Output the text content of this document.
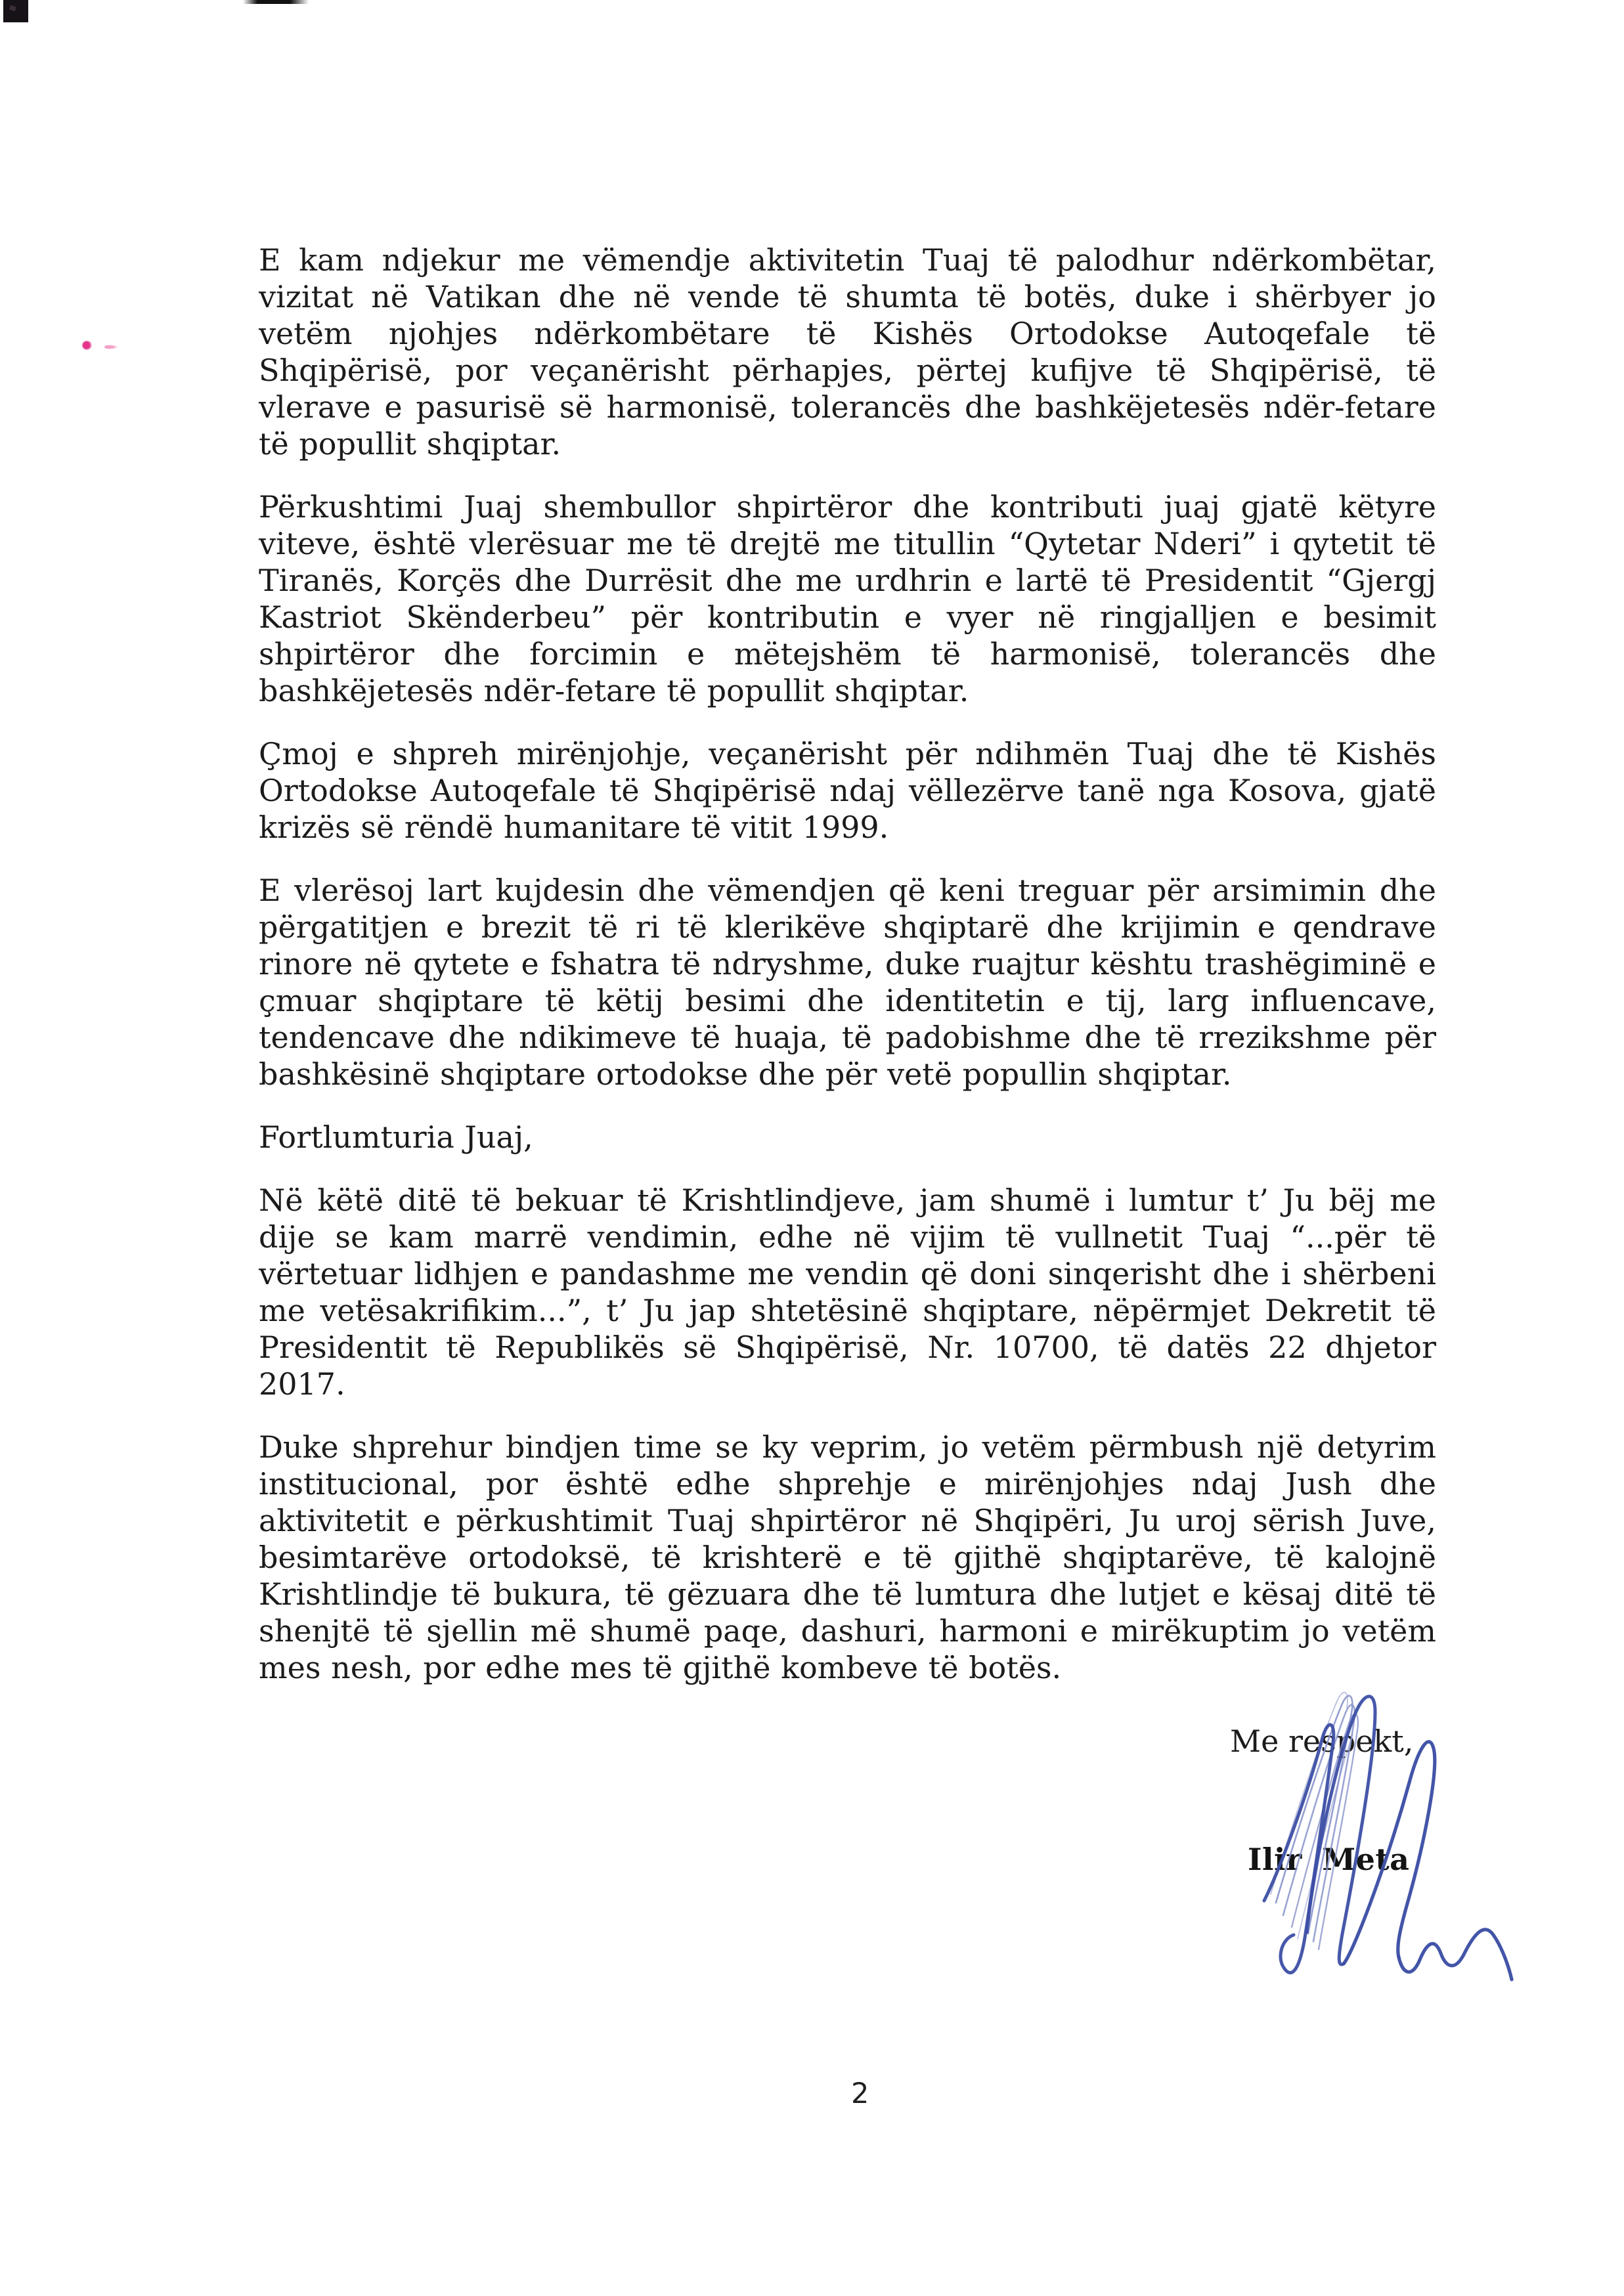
E kam ndjekur me vëmendje aktivitetin Tuaj të palodhur ndërkombëtar, vizitat në Vatikan dhe në vende të shumta të botës, duke i shërbyer jo vetëm njohjes ndërkombëtare të Kishës Ortodokse Autoqefale të Shqipërisë, por veçanërisht përhapjes, përtej kufijve të Shqipërisë, të vlerave e pasurisë së harmonisë, tolerancës dhe bashkëjetesës ndër-fetare të popullit shqiptar.

Përkushtimi Juaj shembullor shpirtëror dhe kontributi juaj gjatë këtyre viteve, është vlerësuar me të drejtë me titullin “Qytetar Nderi” i qytetit të Tiranës, Korçës dhe Durrësit dhe me urdhrin e lartë të Presidentit “Gjergj Kastriot Skënderbeu” për kontributin e vyer në ringjalljen e besimit shpirtëror dhe forcimin e mëtejshëm të harmonisë, tolerancës dhe bashkëjetesës ndër-fetare të popullit shqiptar.

Çmoj e shpreh mirënjohje, veçanërisht për ndihmën Tuaj dhe të Kishës Ortodokse Autoqefale të Shqipërisë ndaj vëllezërve tanë nga Kosova, gjatë krizës së rëndë humanitare të vitit 1999.

E vlerësoj lart kujdesin dhe vëmendjen që keni treguar për arsimimin dhe përgatitjen e brezit të ri të klerikëve shqiptarë dhe krijimin e qendrave rinore në qytete e fshatra të ndryshme, duke ruajtur kështu trashëgiminë e çmuar shqiptare të këtij besimi dhe identitetin e tij, larg influencave, tendencave dhe ndikimeve të huaja, të padobishme dhe të rrezikshme për bashkësinë shqiptare ortodokse dhe për vetë popullin shqiptar.

Fortlumturia Juaj,

Në këtë ditë të bekuar të Krishtlindjeve, jam shumë i lumtur t’ Ju bëj me dije se kam marrë vendimin, edhe në vijim të vullnetit Tuaj “...për të vërtetuar lidhjen e pandashme me vendin që doni sinqerisht dhe i shërbeni me vetësakrifikim...”, t’ Ju jap shtetësinë shqiptare, nëpërmjet Dekretit të Presidentit të Republikës së Shqipërisë, Nr. 10700, të datës 22 dhjetor 2017.

Duke shprehur bindjen time se ky veprim, jo vetëm përmbush një detyrim institucional, por është edhe shprehje e mirënjohjes ndaj Jush dhe aktivitetit e përkushtimit Tuaj shpirtëror në Shqipëri, Ju uroj sërish Juve, besimtarëve ortodoksë, të krishterë e të gjithë shqiptarëve, të kalojnë Krishtlindje të bukura, të gëzuara dhe të lumtura dhe lutjet e kësaj ditë të shenjtë të sjellin më shumë paqe, dashuri, harmoni e mirëkuptim jo vetëm mes nesh, por edhe mes të gjithë kombeve të botës.

Me respekt,
Ilir Meta
2
